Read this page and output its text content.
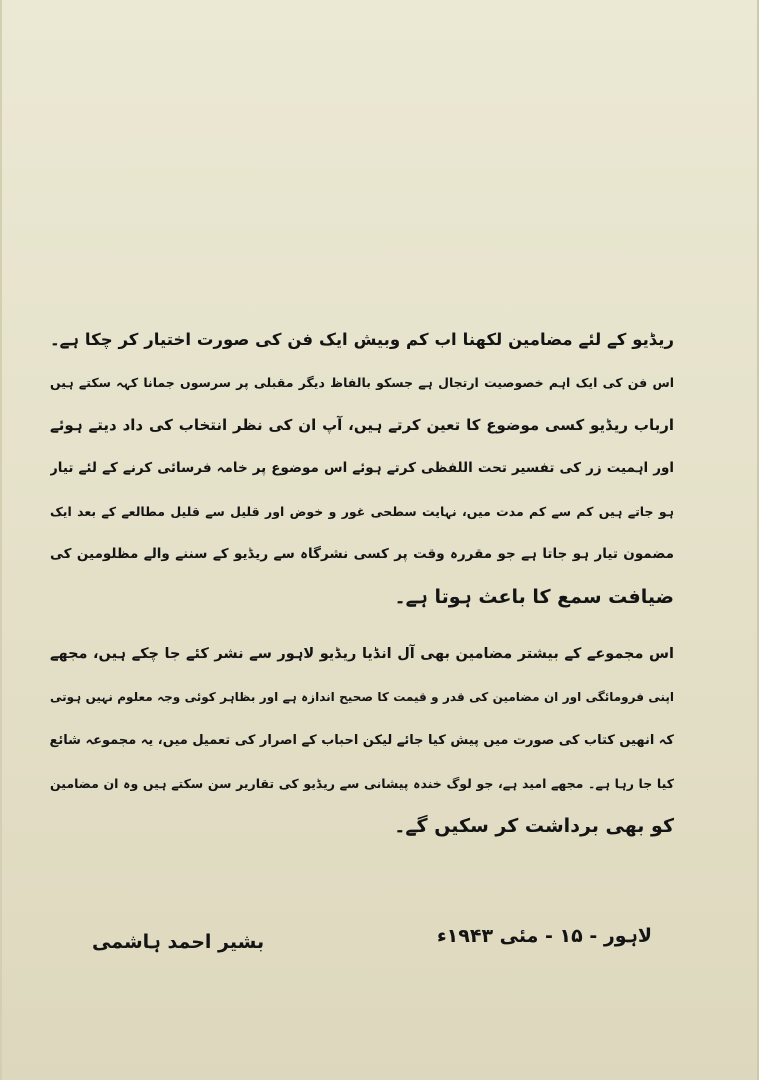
ریڈیو کے لئے مضامین لکھنا اب کم وبیش ایک فن کی صورت اختیار کر چکا ہے۔
اس فن کی ایک اہم خصوصیت ارتجال ہے جسکو بالفاظ دیگر مقبلی پر سرسوں جمانا کہہ سکتے ہیں
ارباب ریڈیو کسی موضوع کا تعین کرتے ہیں، آپ ان کی نظر انتخاب کی داد دیتے ہوئے
اور اہمیت زر کی تفسیر تحت اللفظی کرتے ہوئے اس موضوع پر خامہ فرسائی کرنے کے لئے تیار
ہو جاتے ہیں کم سے کم مدت میں، نہایت سطحی غور و خوض اور قلیل سے قلیل مطالعے کے بعد ایک
مضمون تیار ہو جاتا ہے جو مقررہ وقت پر کسی نشرگاہ سے ریڈیو کے سننے والے مظلومین کی
ضیافت سمع کا باعث ہوتا ہے۔
اس مجموعے کے بیشتر مضامین بھی آل انڈیا ریڈیو لاہور سے نشر کئے جا چکے ہیں، مجھے
اپنی فرومائگی اور ان مضامین کی قدر و قیمت کا صحیح اندازہ ہے اور بظاہر کوئی وجہ معلوم نہیں ہوتی
کہ انھیں کتاب کی صورت میں پیش کیا جائے لیکن احباب کے اصرار کی تعمیل میں، یہ مجموعہ شائع
کیا جا رہا ہے۔ مجھے امید ہے، جو لوگ خندہ پیشانی سے ریڈیو کی تقاریر سن سکتے ہیں وہ ان مضامین
کو بھی برداشت کر سکیں گے۔
لاہور - ۱۵ - مئی ۱۹۴۳ء
بشیر احمد ہاشمی
